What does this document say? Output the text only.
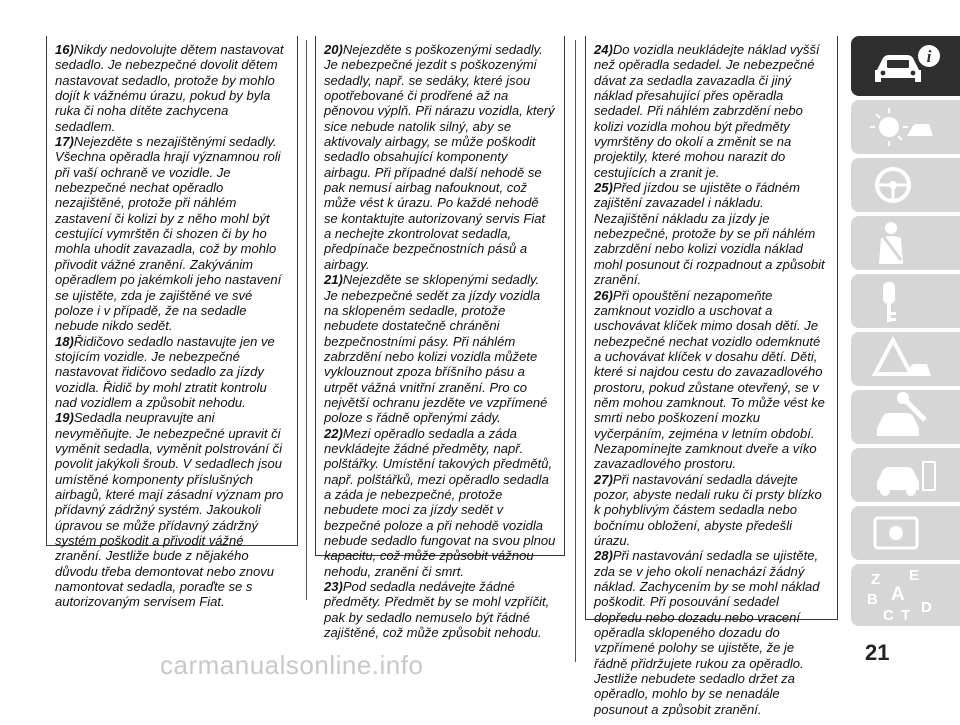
16)Nikdy nedovolujte dětem nastavovat sedadlo. Je nebezpečné dovolit dětem nastavovat sedadlo, protože by mohlo dojít k vážnému úrazu, pokud by byla ruka či noha dítěte zachycena sedadlem.

17)Nejezděte s nezajištěnými sedadly. Všechna opěradla hrají významnou roli při vaší ochraně ve vozidle. Je nebezpečné nechat opěradlo nezajištěné, protože při náhlém zastavení či kolizi by z něho mohl být cestující vymrštěn či shozen či by ho mohla uhodit zavazadla, což by mohlo přivodit vážné zranění. Zakývánim opěradlem po jakémkoli jeho nastavení se ujistěte, zda je zajištěné ve své poloze i v případě, že na sedadle nebude nikdo sedět.

18)Řidičovo sedadlo nastavujte jen ve stojícím vozidle. Je nebezpečné nastavovat řidičovo sedadlo za jízdy vozidla. Řidič by mohl ztratit kontrolu nad vozidlem a způsobit nehodu.

19)Sedadla neupravujte ani nevyměňujte. Je nebezpečné upravit či vyměnit sedadla, vyměnit polstrování či povolit jakýkoli šroub. V sedadlech jsou umístěné komponenty příslušných airbagů, které mají zásadní význam pro přídavný zádržný systém. Jakoukoli úpravou se může přídavný zádržný systém poškodit a přivodit vážné zranění. Jestliže bude z nějakého důvodu třeba demontovat nebo znovu namontovat sedadla, poraďte se s autorizovaným servisem Fiat.

20)Nejezděte s poškozenými sedadly. Je nebezpečné jezdit s poškozenými sedadly, např. se sedáky, které jsou opotřebované či prodřené až na pěnovou výplň. Při nárazu vozidla, který sice nebude natolik silný, aby se aktivovaly airbagy, se může poškodit sedadlo obsahující komponenty airbagu. Při případné další nehodě se pak nemusí airbag nafouknout, což může vést k úrazu. Po každé nehodě se kontaktujte autorizovaný servis Fiat a nechejte zkontrolovat sedadla, předpínače bezpečnostních pásů a airbagy.

21)Nejezděte se sklopenými sedadly. Je nebezpečné sedět za jízdy vozidla na sklopeném sedadle, protože nebudete dostatečně chráněni bezpečnostními pásy. Při náhlém zabrzdění nebo kolizi vozidla můžete vyklouznout zpoza bříšního pásu a utrpět vážná vnitřní zranění. Pro co největší ochranu jezděte ve vzpřímené poloze s řádně opřenými zády.

22)Mezi opěradlo sedadla a záda nevkládejte žádné předměty, např. polštářky. Umístění takových předmětů, např. polštářků, mezi opěradlo sedadla a záda je nebezpečné, protože nebudete moci za jízdy sedět v bezpečné poloze a při nehodě vozidla nebude sedadlo fungovat na svou plnou kapacitu, což může způsobit vážnou nehodu, zranění či smrt.

23)Pod sedadla nedávejte žádné předměty. Předmět by se mohl vzpříčit, pak by sedadlo nemuselo být řádné zajištěné, což může způsobit nehodu.

24)Do vozidla neukládejte náklad vyšší než opěradla sedadel. Je nebezpečné dávat za sedadla zavazadla či jiný náklad přesahující přes opěradla sedadel. Při náhlém zabrzdění nebo kolizi vozidla mohou být předměty vymrštěny do okolí a změnit se na projektily, které mohou narazit do cestujících a zranit je.

25)Před jízdou se ujistěte o řádném zajištění zavazadel i nákladu. Nezajištění nákladu za jízdy je nebezpečné, protože by se při náhlém zabrzdění nebo kolizi vozidla náklad mohl posunout či rozpadnout a způsobit zranění.

26)Při opouštění nezapomeňte zamknout vozidlo a uschovat a uschovávat klíček mimo dosah dětí. Je nebezpečné nechat vozidlo odemknuté a uchovávat klíček v dosahu dětí. Děti, které si najdou cestu do zavazadlového prostoru, pokud zůstane otevřený, se v něm mohou zamknout. To může vést ke smrti nebo poškození mozku vyčerpáním, zejména v letním období. Nezapomínejte zamknout dveře a víko zavazadlového prostoru.

27)Při nastavování sedadla dávejte pozor, abyste nedali ruku či prsty blízko k pohyblivým částem sedadla nebo bočnímu obložení, abyste předešli úrazu.

28)Při nastavování sedadla se ujistěte, zda se v jeho okolí nenachází žádný náklad. Zachycením by se mohl náklad poškodit. Při posouvání sedadel dopředu nebo dozadu nebo vracení opěradla sklopeného dozadu do vzpřímené polohy se ujistěte, že je řádně přidržujete rukou za opěradlo. Jestliže nebudete sedadlo držet za opěradlo, mohlo by se nenadále posunout a způsobit zranění.

i
Z E
B A
C T D
21
carmanualsonline.info
